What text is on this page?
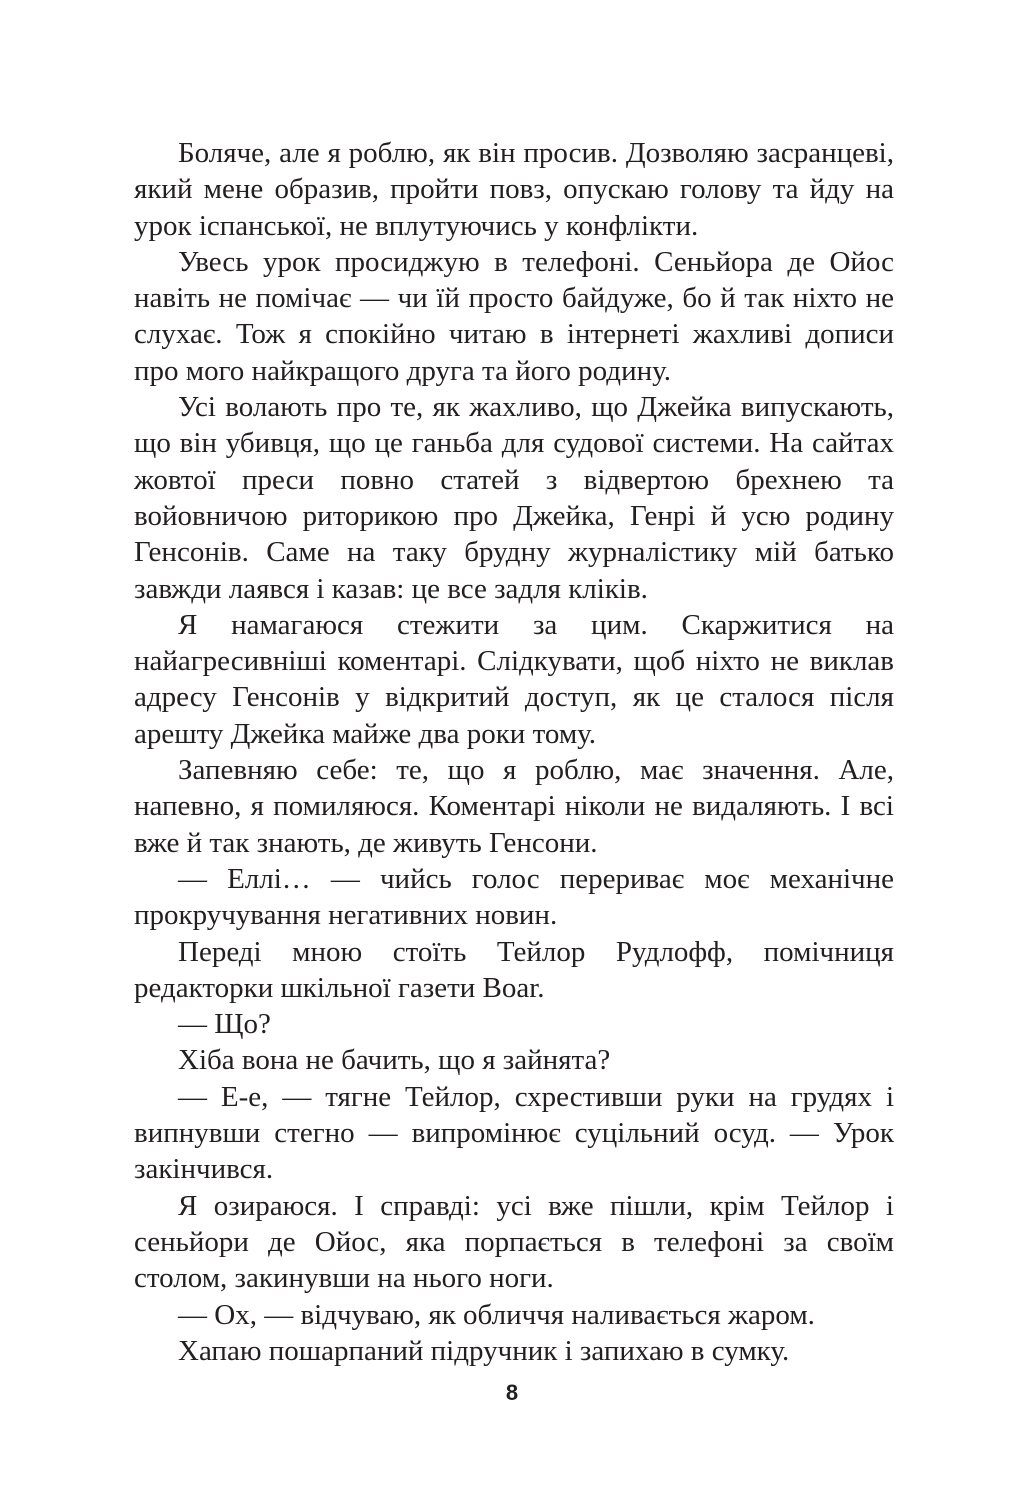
Боляче, але я роблю, як він просив. Дозволяю засранцеві, який мене образив, пройти повз, опускаю голову та йду на урок іспанської, не вплутуючись у конфлікти.

Увесь урок просиджую в телефоні. Сеньйора де Ойос навіть не помічає — чи їй просто байдуже, бо й так ніхто не слухає. Тож я спокійно читаю в інтернеті жахливі дописи про мого найкращого друга та його родину.

Усі волають про те, як жахливо, що Джейка випускають, що він убивця, що це ганьба для судової системи. На сайтах жовтої преси повно статей з відвертою брехнею та войовничою риторикою про Джейка, Генрі й усю родину Генсонів. Саме на таку брудну журналістику мій батько завжди лаявся і казав: це все задля кліків.

Я намагаюся стежити за цим. Скаржитися на найагресивніші коментарі. Слідкувати, щоб ніхто не виклав адресу Генсонів у відкритий доступ, як це сталося після арешту Джейка майже два роки тому.

Запевняю себе: те, що я роблю, має значення. Але, напевно, я помиляюся. Коментарі ніколи не видаляють. І всі вже й так знають, де живуть Генсони.

— Еллі… — чийсь голос перериває моє механічне прокручування негативних новин.

Переді мною стоїть Тейлор Рудлофф, помічниця редакторки шкільної газети Boar.

— Що?

Хіба вона не бачить, що я зайнята?

— Е-е, — тягне Тейлор, схрестивши руки на грудях і випнувши стегно — випромінює суцільний осуд. — Урок закінчився.

Я озираюся. І справді: усі вже пішли, крім Тейлор і сеньйори де Ойос, яка порпається в телефоні за своїм столом, закинувши на нього ноги.

— Ох, — відчуваю, як обличчя наливається жаром.

Хапаю пошарпаний підручник і запихаю в сумку.

8
